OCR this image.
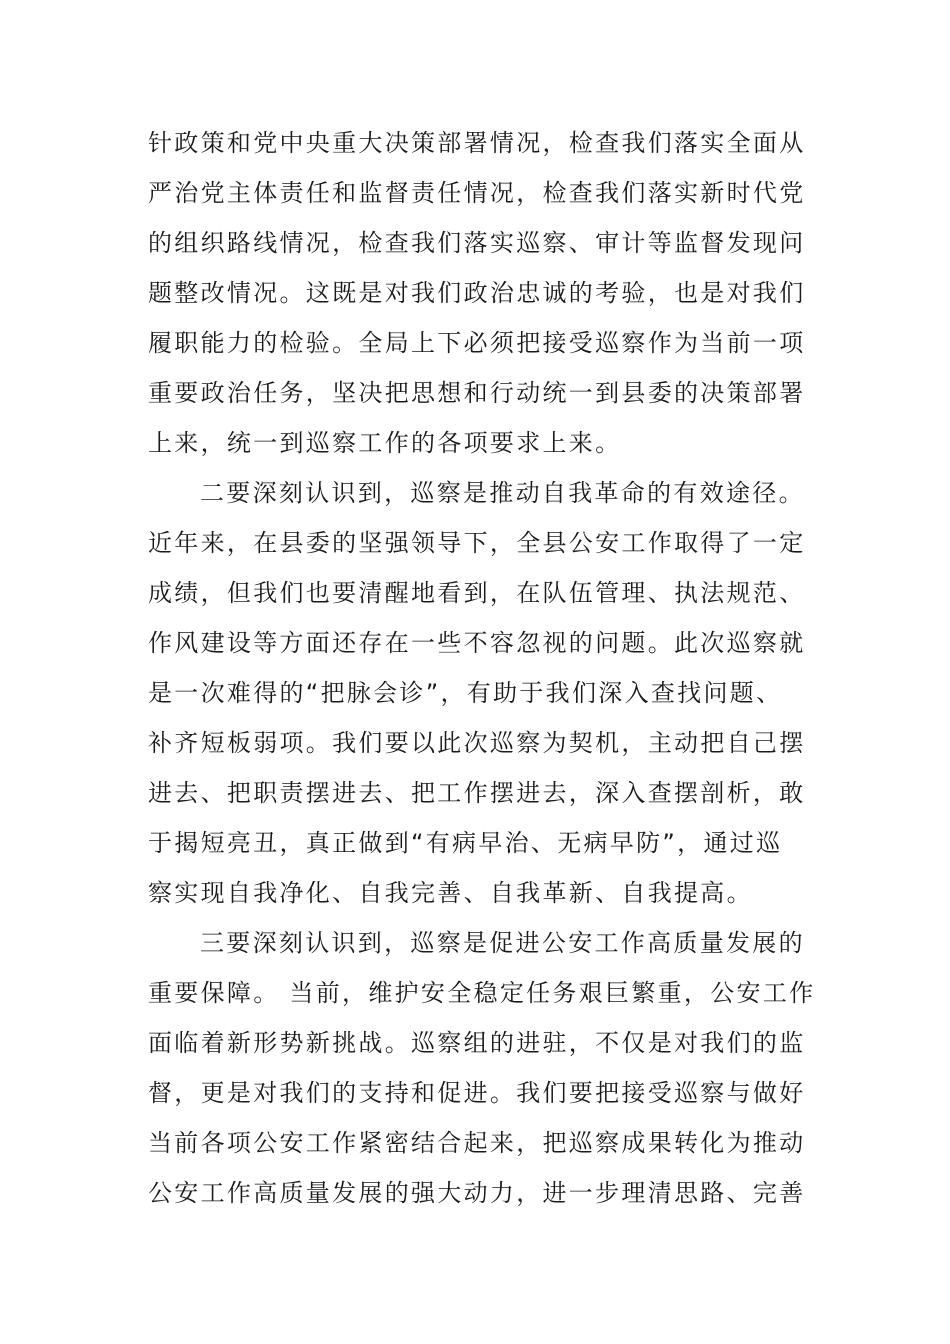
针政策和党中央重大决策部署情况，检查我们落实全面从
严治党主体责任和监督责任情况，检查我们落实新时代党
的组织路线情况，检查我们落实巡察、审计等监督发现问
题整改情况。这既是对我们政治忠诚的考验，也是对我们
履职能力的检验。全局上下必须把接受巡察作为当前一项
重要政治任务，坚决把思想和行动统一到县委的决策部署
上来，统一到巡察工作的各项要求上来。
二要深刻认识到，巡察是推动自我革命的有效途径。
近年来，在县委的坚强领导下，全县公安工作取得了一定
成绩，但我们也要清醒地看到，在队伍管理、执法规范、
作风建设等方面还存在一些不容忽视的问题。此次巡察就
是一次难得的“把脉会诊”，有助于我们深入查找问题、
补齐短板弱项。我们要以此次巡察为契机，主动把自己摆
进去、把职责摆进去、把工作摆进去，深入查摆剖析，敢
于揭短亮丑，真正做到“有病早治、无病早防”，通过巡
察实现自我净化、自我完善、自我革新、自我提高。
三要深刻认识到，巡察是促进公安工作高质量发展的
重要保障。 当前，维护安全稳定任务艰巨繁重，公安工作
面临着新形势新挑战。巡察组的进驻，不仅是对我们的监
督，更是对我们的支持和促进。我们要把接受巡察与做好
当前各项公安工作紧密结合起来，把巡察成果转化为推动
公安工作高质量发展的强大动力，进一步理清思路、完善
